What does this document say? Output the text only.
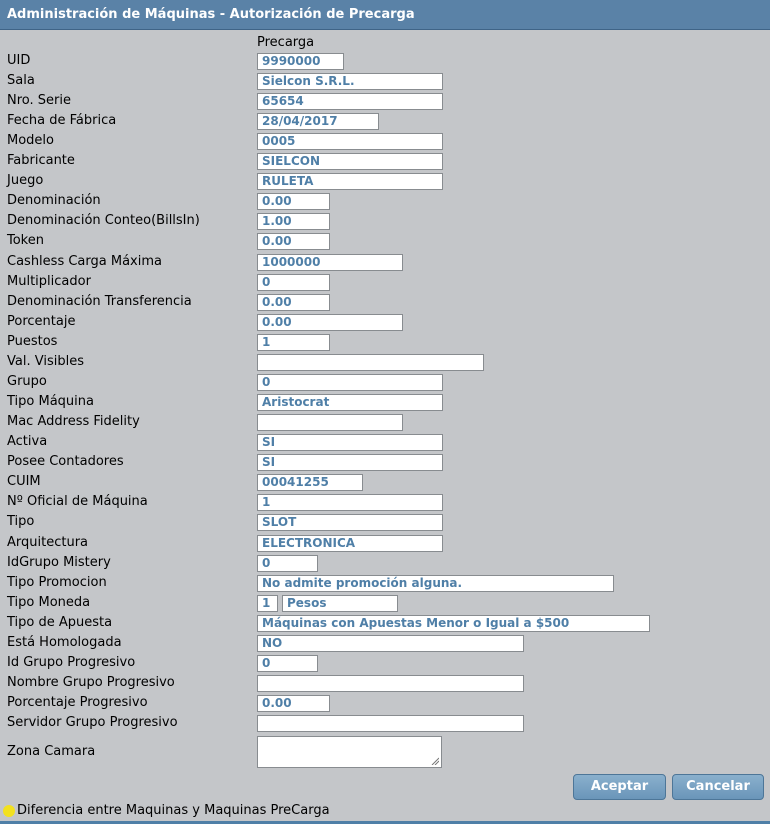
Administración de Máquinas - Autorización de Precarga
Precarga
UID
Sala
Nro. Serie
Fecha de Fábrica
Modelo
Fabricante
Juego
Denominación
Denominación Conteo(BillsIn)
Token
Cashless Carga Máxima
Multiplicador
Denominación Transferencia
Porcentaje
Puestos
Val. Visibles
Grupo
Tipo Máquina
Mac Address Fidelity
Activa
Posee Contadores
CUIM
Nº Oficial de Máquina
Tipo
Arquitectura
IdGrupo Mistery
Tipo Promocion
Tipo Moneda
Tipo de Apuesta
Está Homologada
Id Grupo Progresivo
Nombre Grupo Progresivo
Porcentaje Progresivo
Servidor Grupo Progresivo
Zona Camara
9990000
Sielcon S.R.L.
65654
28/04/2017
0005
SIELCON
RULETA
0.00
1.00
0.00
1000000
0
0.00
0.00
1
0
Aristocrat
SI
SI
00041255
1
SLOT
ELECTRONICA
0
No admite promoción alguna.
1	Pesos
Máquinas con Apuestas Menor o Igual a $500
NO
0
0.00
Aceptar	Cancelar
Diferencia entre Maquinas y Maquinas PreCarga
